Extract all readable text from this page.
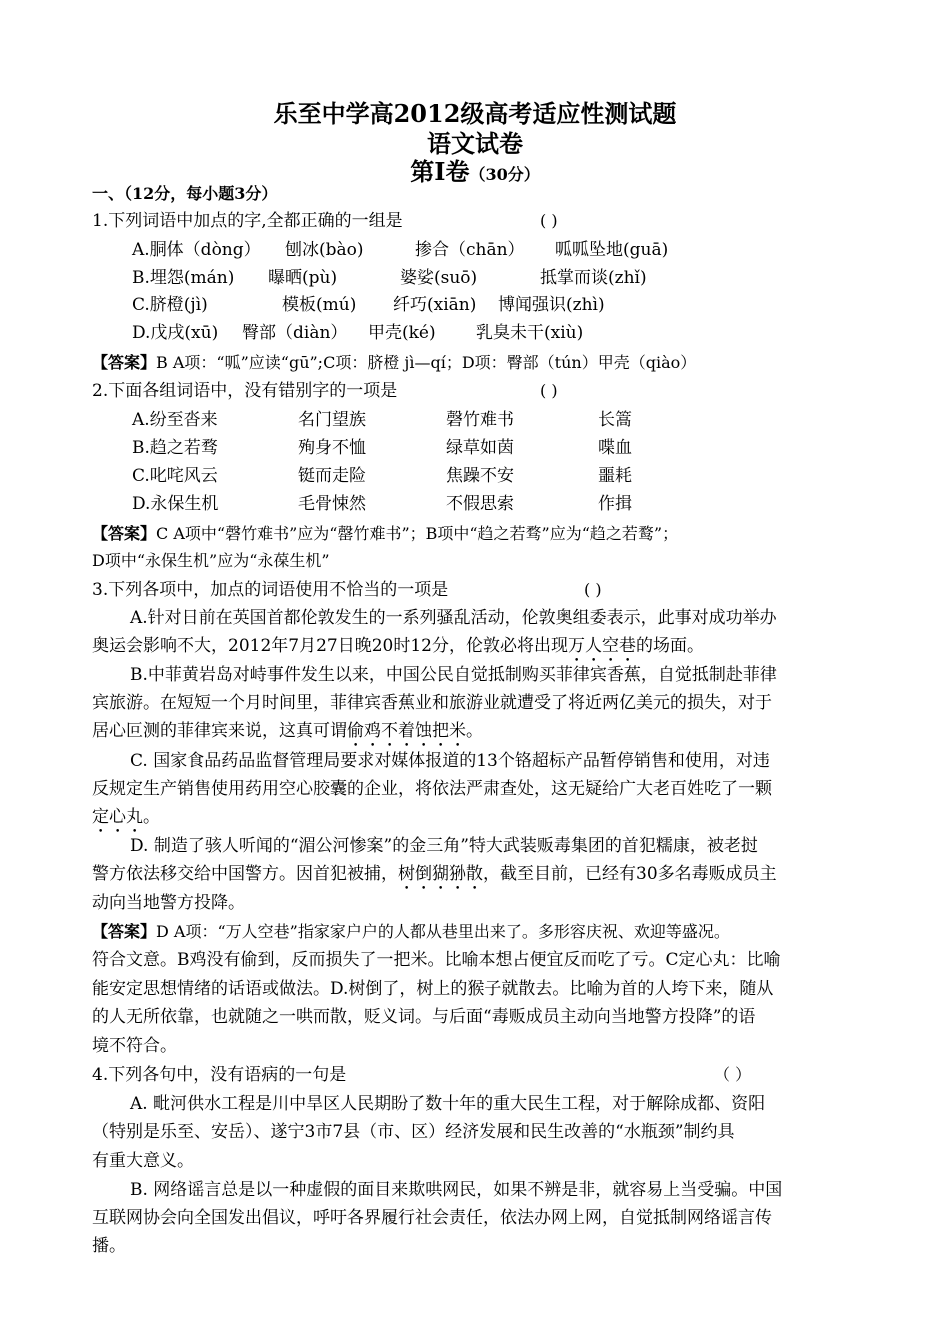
乐至中学高2012级高考适应性测试题
语文试卷
第Ⅰ卷（30分）
一、（12分，每小题3分）
1.下列词语中加点的字,全都正确的一组是	( )
A.胴体（dòng） 刨冰(bào)	掺合（chān） 呱呱坠地(guā)
B.埋怨(mán) 曝晒(pù)	婆娑(suō)	抵掌而谈(zhǐ)
C.脐橙(jì)	模板(mú) 纤巧(xiān) 博闻强识(zhì)
D.戊戌(xū) 臀部（diàn） 甲壳(ké) 乳臭未干(xiù)
【答案】B A项：“呱”应读“gū”;C项：脐橙 jì—qí；D项：臀部（tún）甲壳（qiào）
2.下面各组词语中，没有错别字的一项是	( )
A.纷至沓来	名门望族	磬竹难书	长篙
B.趋之若骛	殉身不恤	绿草如茵	喋血
C.叱咤风云	铤而走险	焦躁不安	噩耗
D.永保生机	毛骨悚然	不假思索	作揖
【答案】C A项中“磬竹难书”应为“罄竹难书”；B项中“趋之若骛”应为“趋之若鹜”；
D项中“永保生机”应为“永葆生机”
3.下列各项中，加点的词语使用不恰当的一项是	( )
A.针对日前在英国首都伦敦发生的一系列骚乱活动，伦敦奥组委表示，此事对成功举办
奥运会影响不大，2012年7月27日晚20时12分，伦敦必将出现万人空巷的场面。
B.中菲黄岩岛对峙事件发生以来，中国公民自觉抵制购买菲律宾香蕉，自觉抵制赴菲律
宾旅游。在短短一个月时间里，菲律宾香蕉业和旅游业就遭受了将近两亿美元的损失，对于
居心叵测的菲律宾来说，这真可谓偷鸡不着蚀把米。
C. 国家食品药品监督管理局要求对媒体报道的13个铬超标产品暂停销售和使用，对违
反规定生产销售使用药用空心胶囊的企业，将依法严肃查处，这无疑给广大老百姓吃了一颗
定心丸。
D. 制造了骇人听闻的“湄公河惨案”的金三角”特大武装贩毒集团的首犯糯康，被老挝
警方依法移交给中国警方。因首犯被捕，树倒猢狲散，截至目前，已经有30多名毒贩成员主
动向当地警方投降。
【答案】D A项：“万人空巷”指家家户户的人都从巷里出来了。多形容庆祝、欢迎等盛况。
符合文意。B鸡没有偷到，反而损失了一把米。比喻本想占便宜反而吃了亏。C定心丸：比喻
能安定思想情绪的话语或做法。D.树倒了，树上的猴子就散去。比喻为首的人垮下来，随从
的人无所依靠，也就随之一哄而散，贬义词。与后面“毒贩成员主动向当地警方投降”的语
境不符合。
4.下列各句中，没有语病的一句是	（ ）
A. 毗河供水工程是川中旱区人民期盼了数十年的重大民生工程，对于解除成都、资阳
（特别是乐至、安岳）、遂宁3市7县（市、区）经济发展和民生改善的“水瓶颈”制约具
有重大意义。
B. 网络谣言总是以一种虚假的面目来欺哄网民，如果不辨是非，就容易上当受骗。中国
互联网协会向全国发出倡议，呼吁各界履行社会责任，依法办网上网，自觉抵制网络谣言传
播。
